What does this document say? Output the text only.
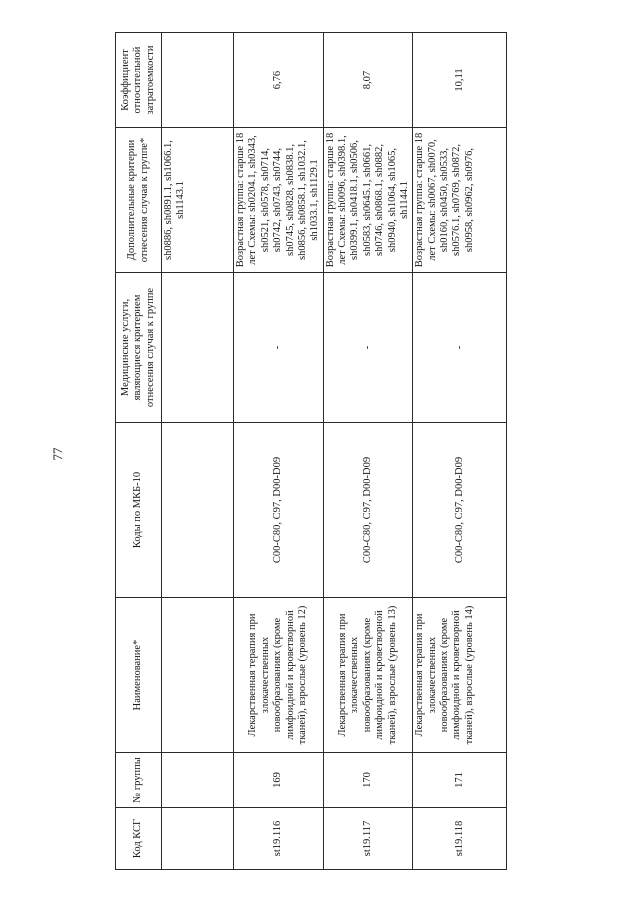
77
Код КСГ	№ группы	Наименование*	Коды по МКБ-10	Медицинские услуги, являющиеся критерием отнесения случая к группе	Дополнительные критерии отнесения случая к группе*	Коэффициент относительной затратоемкости
					sh0886, sh0891.1, sh1066.1, sh1143.1	
st19.116	169	Лекарственная терапия при злокачественных новообразованиях (кроме лимфоидной и кроветворной тканей), взрослые (уровень 12)	C00-C80, C97, D00-D09	-	Возрастная группа: старше 18 лет Схемы: sh0204.1, sh0343, sh0521, sh0578, sh0714, sh0742, sh0743, sh0744, sh0745, sh0828, sh0838.1, sh0856, sh0858.1, sh1032.1, sh1033.1, sh1129.1	6,76
st19.117	170	Лекарственная терапия при злокачественных новообразованиях (кроме лимфоидной и кроветворной тканей), взрослые (уровень 13)	C00-C80, C97, D00-D09	-	Возрастная группа: старше 18 лет Схемы: sh0096, sh0398.1, sh0399.1, sh0418.1, sh0506, sh0583, sh0645.1, sh0661, sh0746, sh0868.1, sh0882, sh0940, sh1064, sh1065, sh1144.1	8,07
st19.118	171	Лекарственная терапия при злокачественных новообразованиях (кроме лимфоидной и кроветворной тканей), взрослые (уровень 14)	C00-C80, C97, D00-D09	-	Возрастная группа: старше 18 лет Схемы: sh0067, sh0070, sh0160, sh0450, sh0533, sh0576.1, sh0769, sh0872, sh0958, sh0962, sh0976,	10,11
